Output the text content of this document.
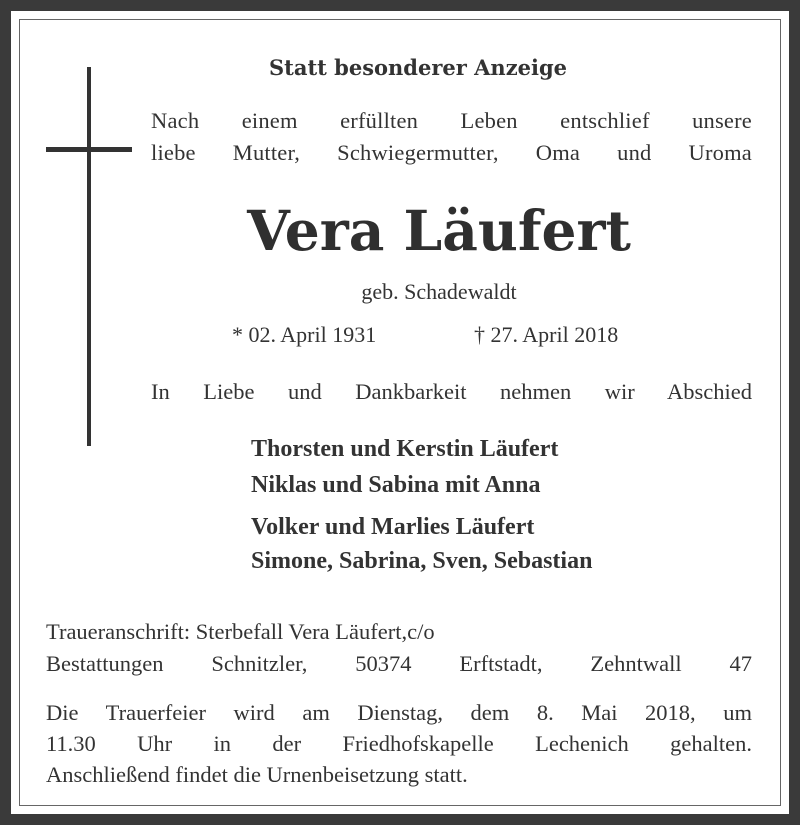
Statt besonderer Anzeige

Nach einem erfüllten Leben entschlief unsere

liebe Mutter, Schwiegermutter, Oma und Uroma

Vera Läufert

geb. Schadewaldt

* 02. April 1931	† 27. April 2018

In Liebe und Dankbarkeit nehmen wir Abschied

Thorsten und Kerstin Läufert

Niklas und Sabina mit Anna

Volker und Marlies Läufert

Simone, Sabrina, Sven, Sebastian

Traueranschrift: Sterbefall Vera Läufert,c/o

Bestattungen Schnitzler, 50374 Erftstadt, Zehntwall 47

Die Trauerfeier wird am Dienstag, dem 8. Mai 2018, um

11.30 Uhr in der Friedhofskapelle Lechenich gehalten.

Anschließend findet die Urnenbeisetzung statt.
